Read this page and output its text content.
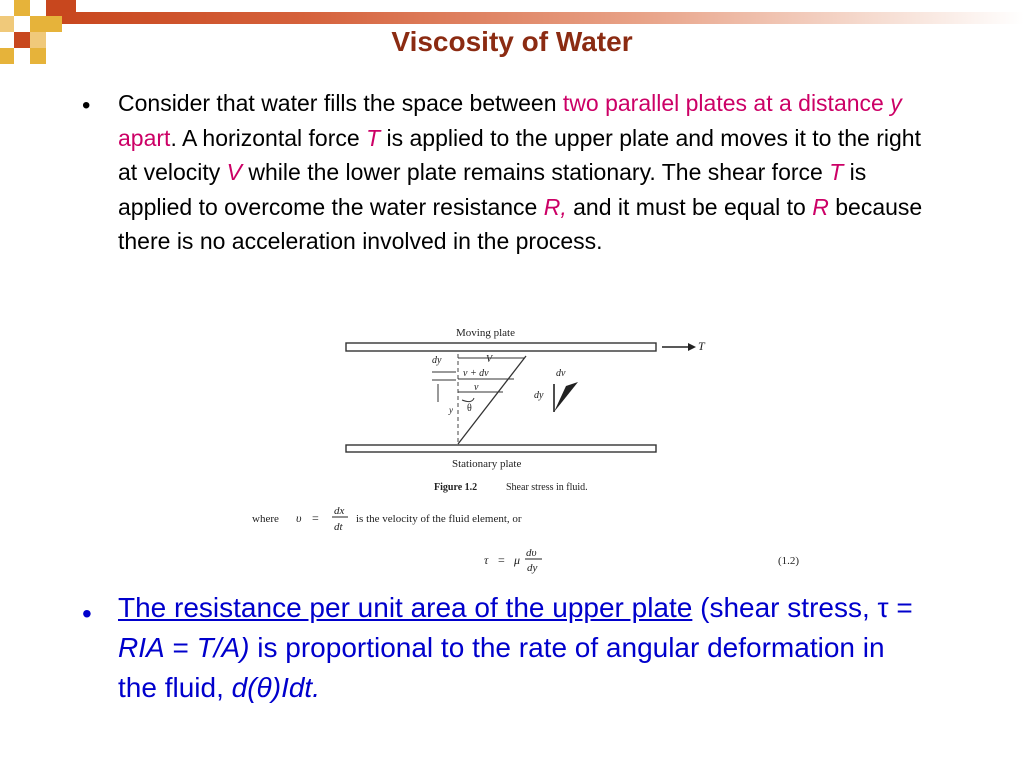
Viscosity of Water
• Consider that water fills the space between two parallel plates at a distance y apart. A horizontal force T is applied to the upper plate and moves it to the right at velocity V while the lower plate remains stationary. The shear force T is applied to overcome the water resistance R, and it must be equal to R because there is no acceleration involved in the process.
Moving plate
T
V
v + dv
v
dy
y θ
dv
dy
Stationary plate
Figure 1.2	Shear stress in fluid.
where υ = dx
dt
is the velocity of the fluid element, or
τ = μ dυ
dy
(1.2)
• The resistance per unit area of the upper plate (shear stress, τ = RIA = T/A) is proportional to the rate of angular deformation in the fluid, d(θ)Idt.
